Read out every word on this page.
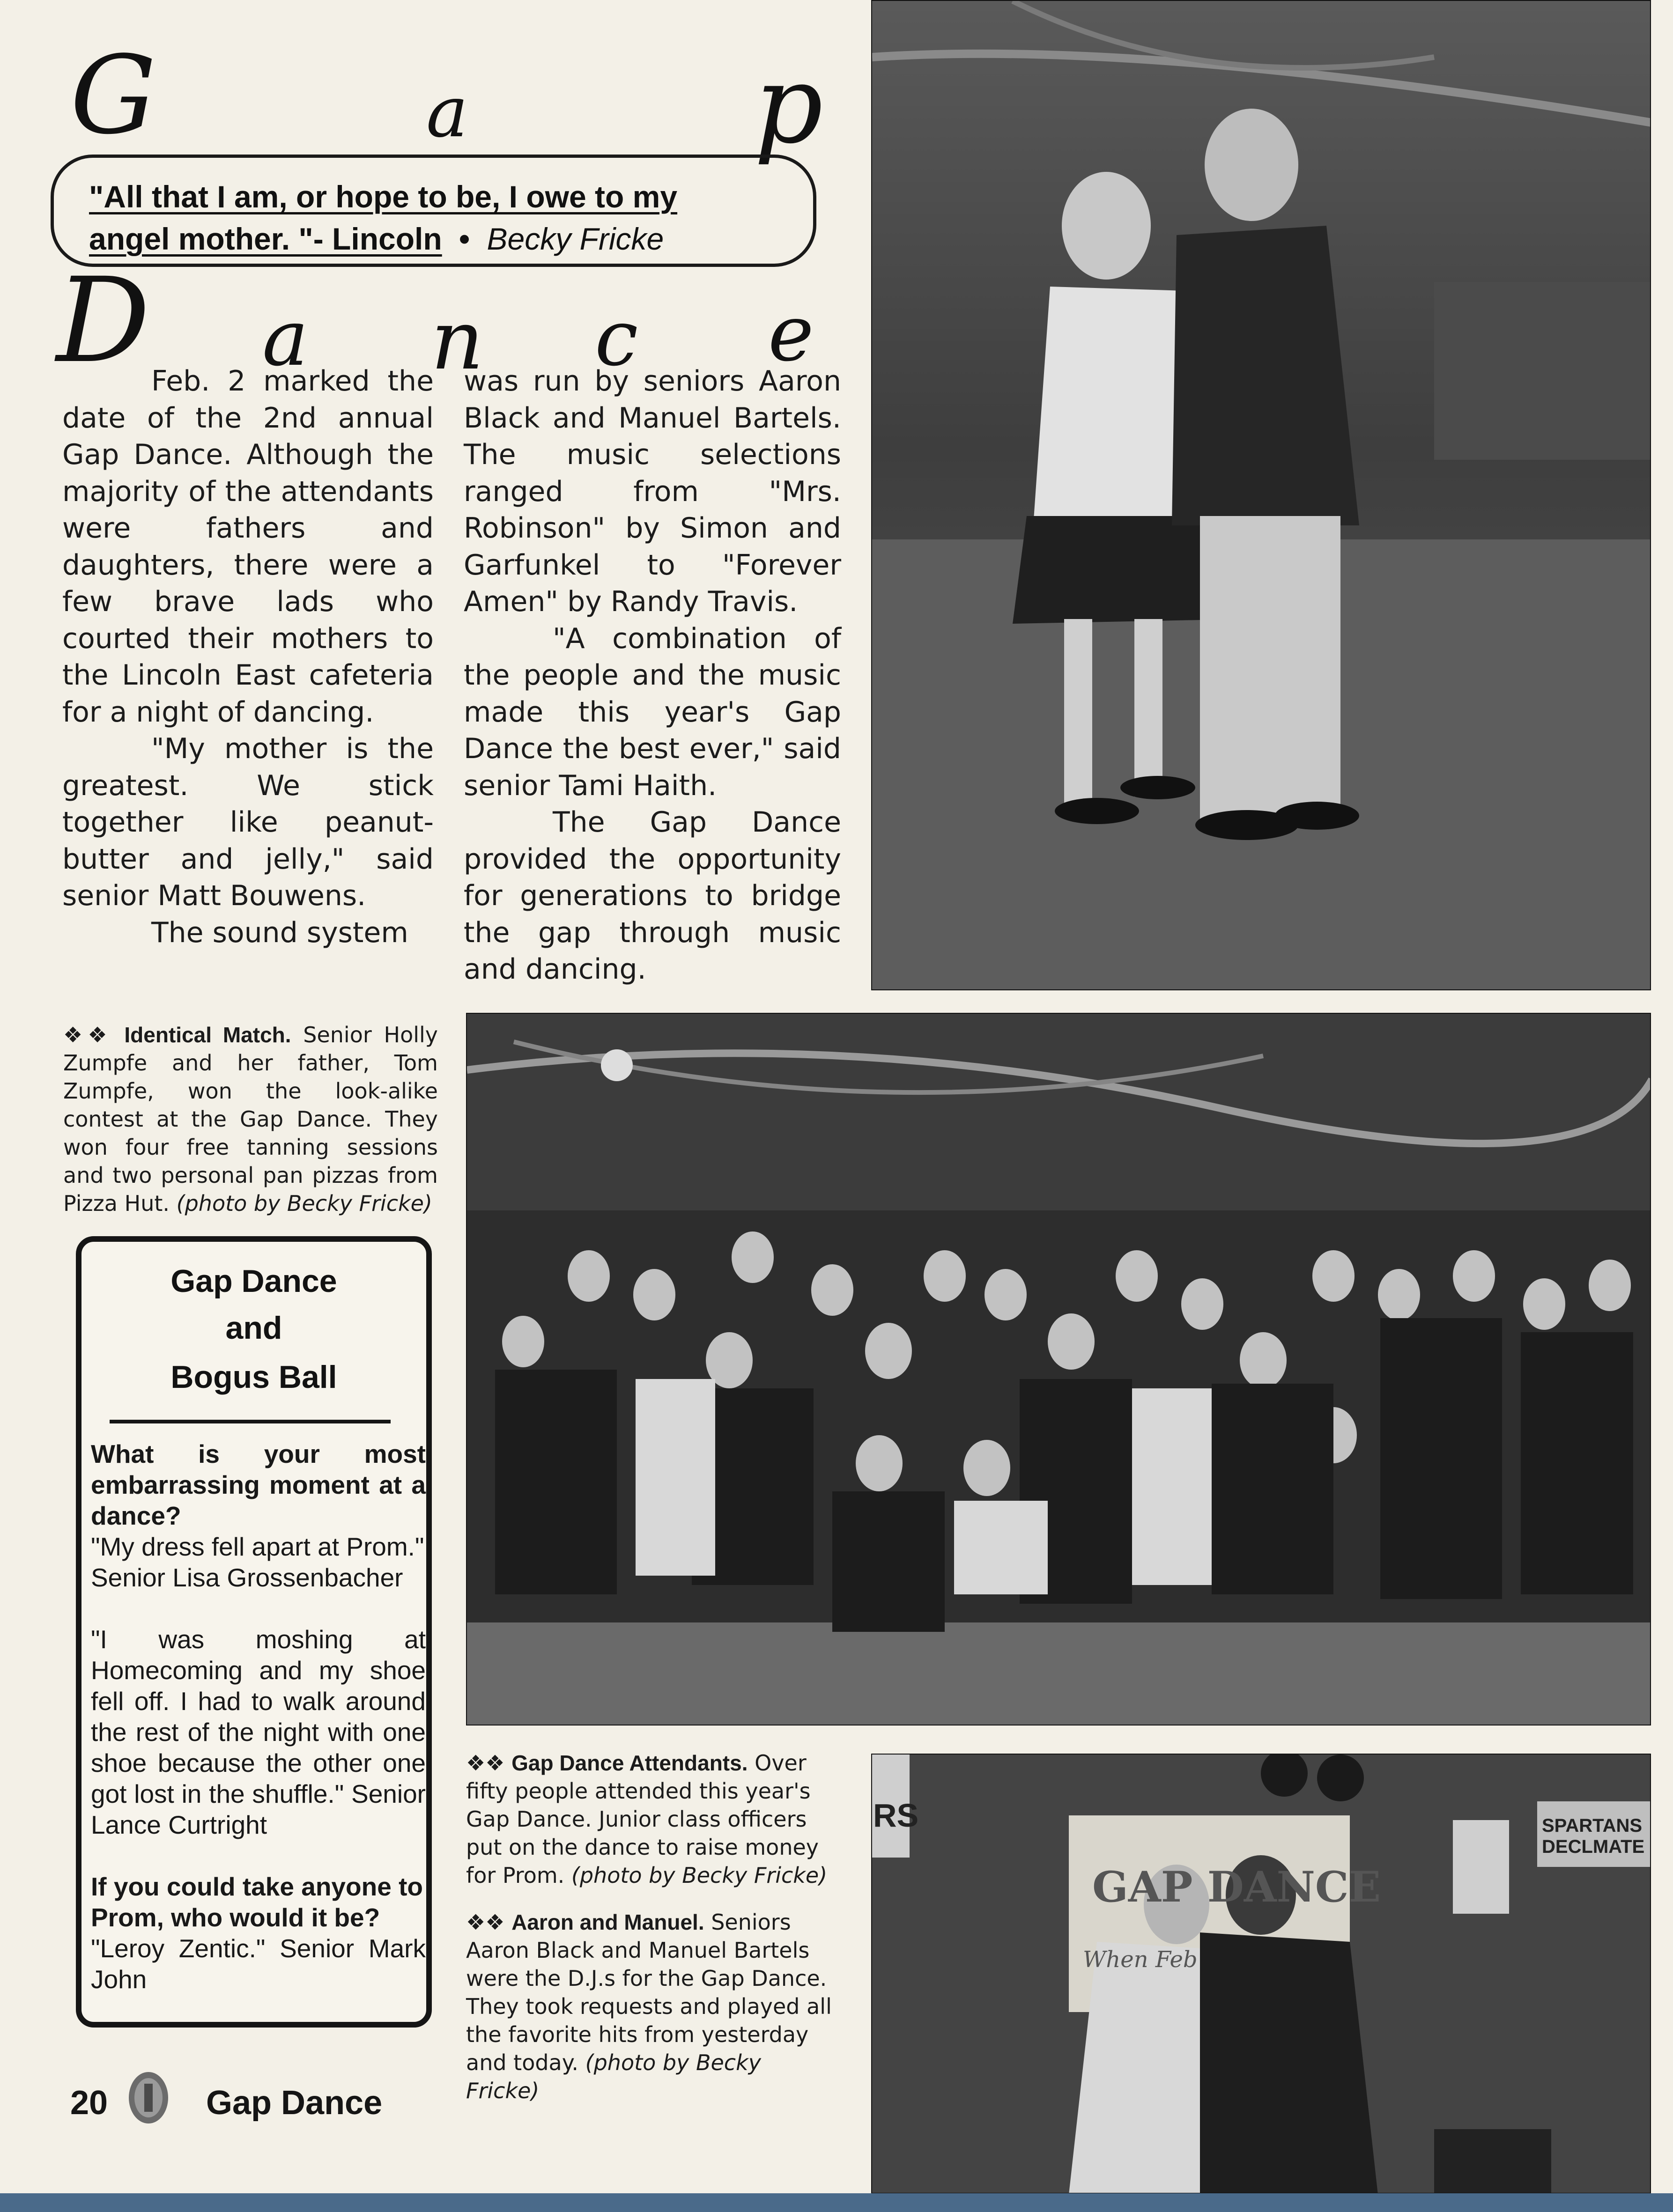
G	a	p
"All that I am, or hope to be, I owe to my
angel mother. "- Lincoln • Becky Fricke
D a n c e

Feb. 2 marked the date of the 2nd annual Gap Dance. Although the majority of the attendants were fathers and daughters, there were a few brave lads who courted their mothers to the Lincoln East cafeteria for a night of dancing.

"My mother is the greatest. We stick together like peanut-butter and jelly," said senior Matt Bouwens.

The sound system

was run by seniors Aaron Black and Manuel Bartels. The music selections ranged from "Mrs. Robinson" by Simon and Garfunkel to "Forever Amen" by Randy Travis.

"A combination of the people and the music made this year's Gap Dance the best ever," said senior Tami Haith.

The Gap Dance provided the opportunity for generations to bridge the gap through music and dancing.

❖❖ Identical Match. Senior Holly Zumpfe and her father, Tom Zumpfe, won the look-alike contest at the Gap Dance. They won four free tanning sessions and two personal pan pizzas from Pizza Hut. (photo by Becky Fricke)
Gap Dance
and
Bogus Ball
What is your most embarrassing moment at a dance?
"My dress fell apart at Prom." Senior Lisa Grossenbacher
"I was moshing at Homecoming and my shoe fell off. I had to walk around the rest of the night with one shoe because the other one got lost in the shuffle." Senior Lance Curtright
If you could take anyone to Prom, who would it be?
"Leroy Zentic." Senior Mark John
❖❖ Gap Dance Attendants. Over fifty people attended this year's Gap Dance. Junior class officers put on the dance to raise money for Prom. (photo by Becky Fricke)
❖❖ Aaron and Manuel. Seniors Aaron Black and Manuel Bartels were the D.J.s for the Gap Dance. They took requests and played all the favorite hits from yesterday and today. (photo by Becky Fricke)
GAP DANCE
When Feb
SPARTANS DECLMATE
RS
20	Gap Dance
